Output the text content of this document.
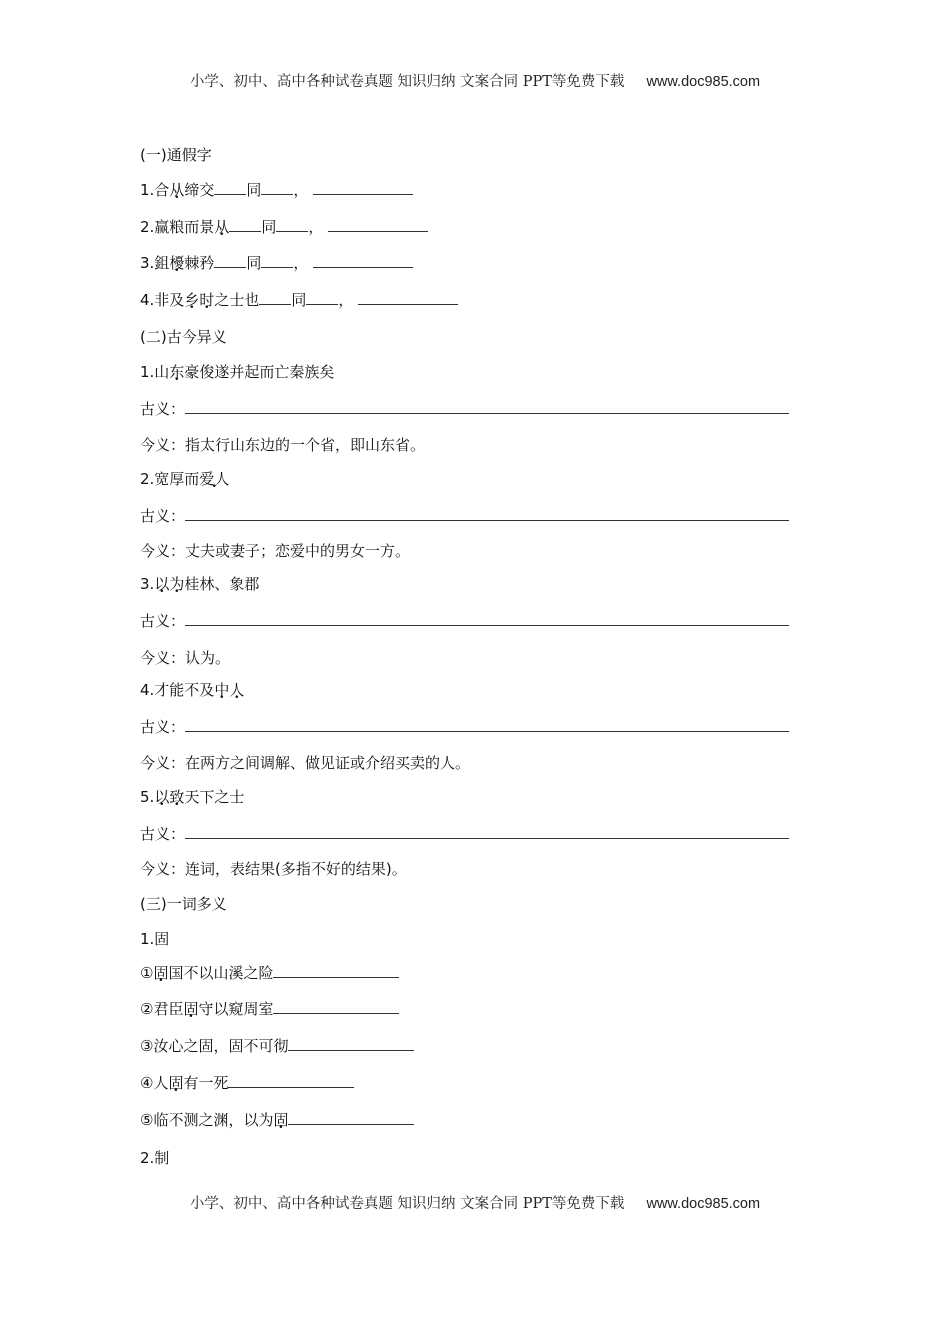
小学、初中、高中各种试卷真题 知识归纳 文案合同 PPT等免费下载 www.doc985.com
(一)通假字
1.合从缔交 同 ，
2.赢粮而景从 同 ，
3.鉏櫌棘矜 同 ，
4.非及乡时之士也 同 ，
(二)古今异义
1.山东豪俊遂并起而亡秦族矣
古义：
今义：指太行山东边的一个省，即山东省。
2.宽厚而爱人
古义：
今义：丈夫或妻子；恋爱中的男女一方。
3.以为桂林、象郡
古义：
今义：认为。
4.才能不及中人
古义：
今义：在两方之间调解、做见证或介绍买卖的人。
5.以致天下之士
古义：
今义：连词，表结果(多指不好的结果)。
(三)一词多义
1.固
①固国不以山溪之险
②君臣固守以窥周室
③汝心之固，固不可彻
④人固有一死
⑤临不测之渊，以为固
2.制
小学、初中、高中各种试卷真题 知识归纳 文案合同 PPT等免费下载 www.doc985.com
